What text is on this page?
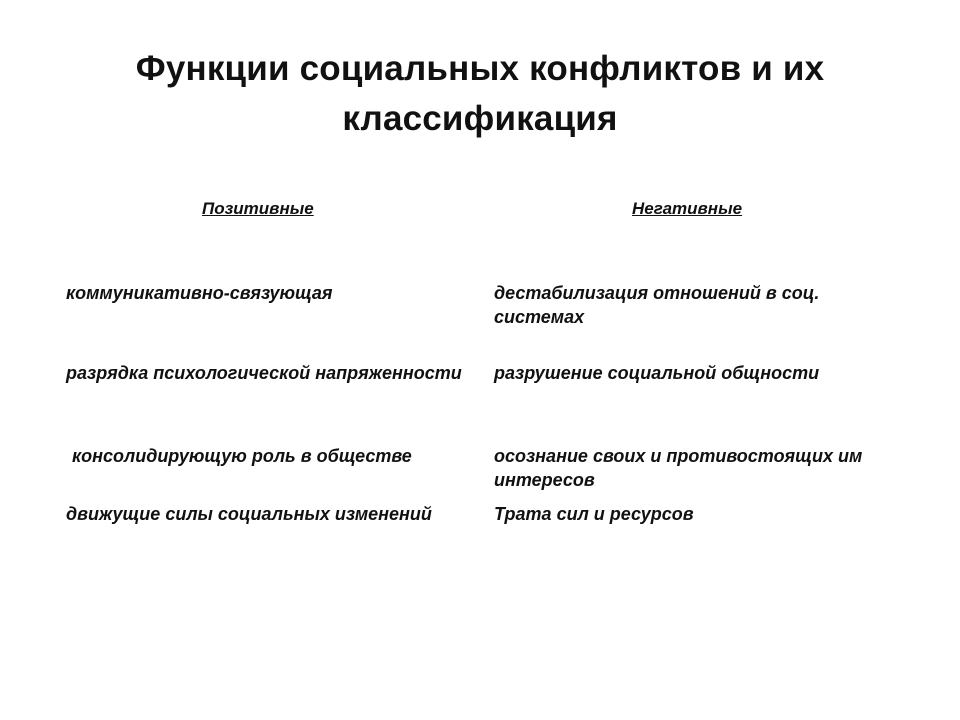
Функции социальных конфликтов и их
классификация
Позитивные	Негативные
коммуникативно-связующая
разрядка психологической напряженности
консолидирующую роль в обществе
движущие силы социальных изменений
дестабилизация отношений в соц. системах
разрушение социальной общности
осознание своих и противостоящих им интересов
Трата сил и ресурсов
